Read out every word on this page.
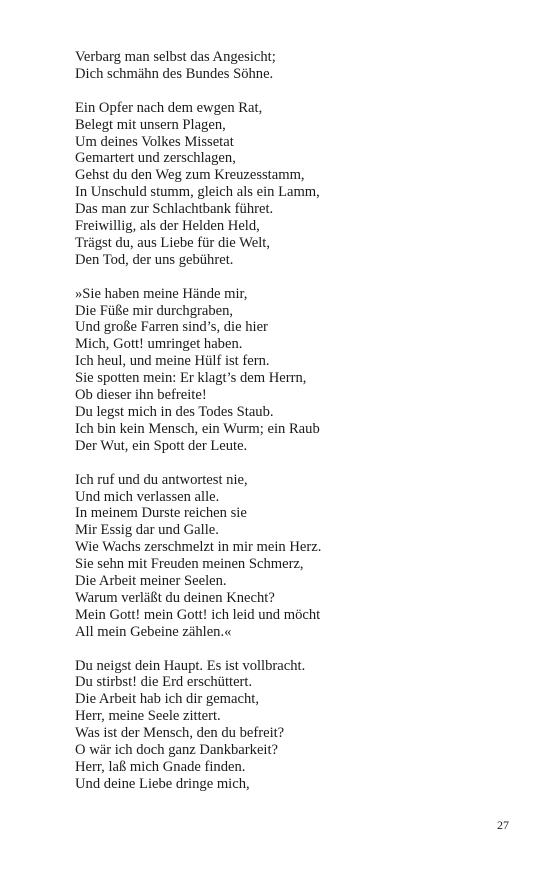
Verbarg man selbst das Angesicht;
Dich schmähn des Bundes Söhne.
Ein Opfer nach dem ewgen Rat,
Belegt mit unsern Plagen,
Um deines Volkes Missetat
Gemartert und zerschlagen,
Gehst du den Weg zum Kreuzesstamm,
In Unschuld stumm, gleich als ein Lamm,
Das man zur Schlachtbank führet.
Freiwillig, als der Helden Held,
Trägst du, aus Liebe für die Welt,
Den Tod, der uns gebühret.
»Sie haben meine Hände mir,
Die Füße mir durchgraben,
Und große Farren sind’s, die hier
Mich, Gott! umringet haben.
Ich heul, und meine Hülf ist fern.
Sie spotten mein: Er klagt’s dem Herrn,
Ob dieser ihn befreite!
Du legst mich in des Todes Staub.
Ich bin kein Mensch, ein Wurm; ein Raub
Der Wut, ein Spott der Leute.
Ich ruf und du antwortest nie,
Und mich verlassen alle.
In meinem Durste reichen sie
Mir Essig dar und Galle.
Wie Wachs zerschmelzt in mir mein Herz.
Sie sehn mit Freuden meinen Schmerz,
Die Arbeit meiner Seelen.
Warum verläßt du deinen Knecht?
Mein Gott! mein Gott! ich leid und möcht
All mein Gebeine zählen.«
Du neigst dein Haupt. Es ist vollbracht.
Du stirbst! die Erd erschüttert.
Die Arbeit hab ich dir gemacht,
Herr, meine Seele zittert.
Was ist der Mensch, den du befreit?
O wär ich doch ganz Dankbarkeit?
Herr, laß mich Gnade finden.
Und deine Liebe dringe mich,
27
